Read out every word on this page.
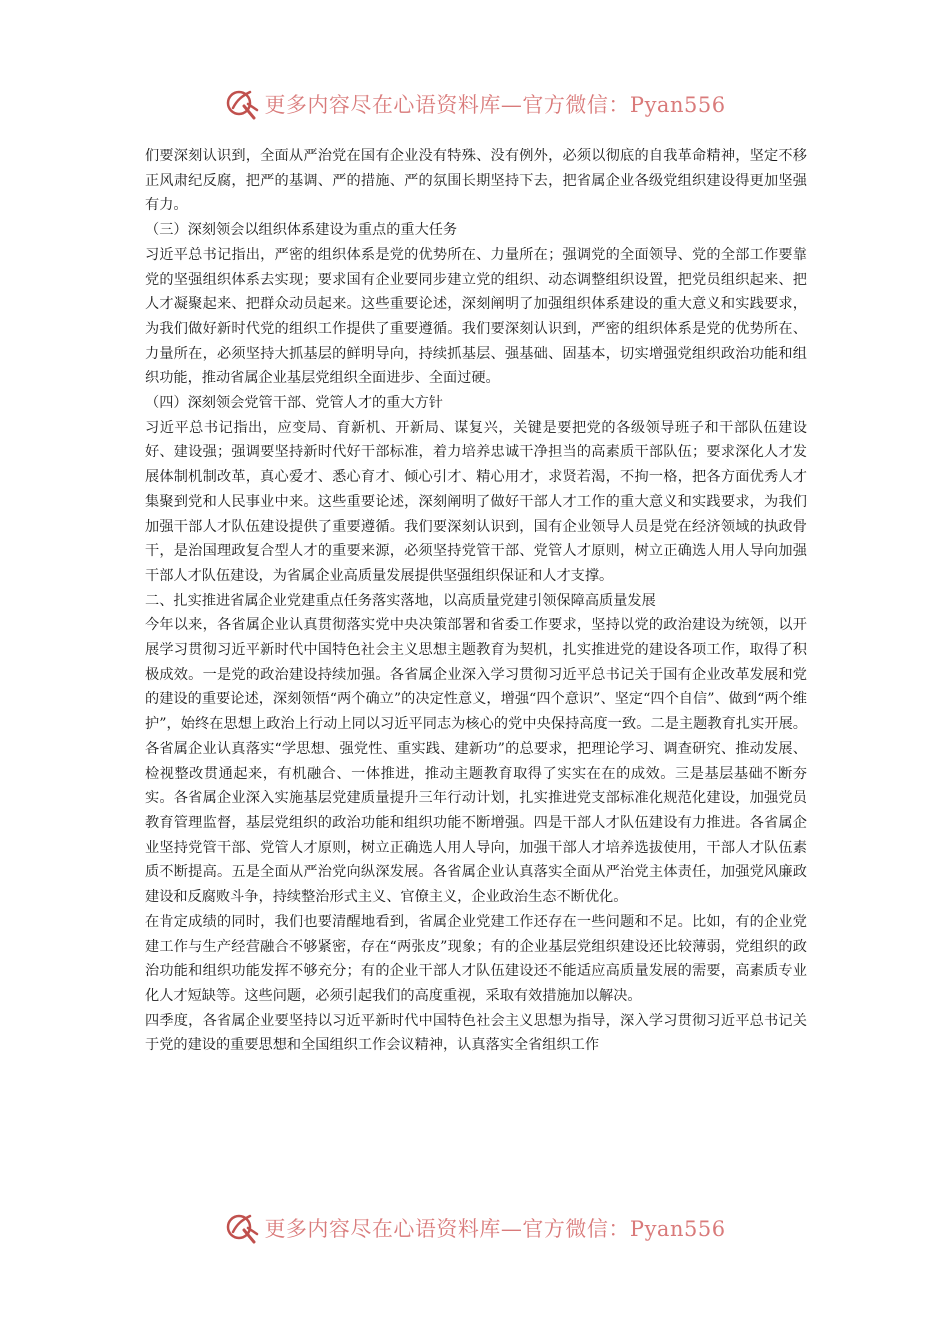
更多内容尽在心语资料库—官方微信：Pyan556

们要深刻认识到，全面从严治党在国有企业没有特殊、没有例外，必须以彻底的自我革命精神，坚定不移正风肃纪反腐，把严的基调、严的措施、严的氛围长期坚持下去，把省属企业各级党组织建设得更加坚强有力。

（三）深刻领会以组织体系建设为重点的重大任务

习近平总书记指出，严密的组织体系是党的优势所在、力量所在；强调党的全面领导、党的全部工作要靠党的坚强组织体系去实现；要求国有企业要同步建立党的组织、动态调整组织设置，把党员组织起来、把人才凝聚起来、把群众动员起来。这些重要论述，深刻阐明了加强组织体系建设的重大意义和实践要求，为我们做好新时代党的组织工作提供了重要遵循。我们要深刻认识到，严密的组织体系是党的优势所在、力量所在，必须坚持大抓基层的鲜明导向，持续抓基层、强基础、固基本，切实增强党组织政治功能和组织功能，推动省属企业基层党组织全面进步、全面过硬。

（四）深刻领会党管干部、党管人才的重大方针

习近平总书记指出，应变局、育新机、开新局、谋复兴，关键是要把党的各级领导班子和干部队伍建设好、建设强；强调要坚持新时代好干部标准，着力培养忠诚干净担当的高素质干部队伍；要求深化人才发展体制机制改革，真心爱才、悉心育才、倾心引才、精心用才，求贤若渴，不拘一格，把各方面优秀人才集聚到党和人民事业中来。这些重要论述，深刻阐明了做好干部人才工作的重大意义和实践要求，为我们加强干部人才队伍建设提供了重要遵循。我们要深刻认识到，国有企业领导人员是党在经济领域的执政骨干，是治国理政复合型人才的重要来源，必须坚持党管干部、党管人才原则，树立正确选人用人导向加强干部人才队伍建设，为省属企业高质量发展提供坚强组织保证和人才支撑。

二、扎实推进省属企业党建重点任务落实落地，以高质量党建引领保障高质量发展

今年以来，各省属企业认真贯彻落实党中央决策部署和省委工作要求，坚持以党的政治建设为统领，以开展学习贯彻习近平新时代中国特色社会主义思想主题教育为契机，扎实推进党的建设各项工作，取得了积极成效。一是党的政治建设持续加强。各省属企业深入学习贯彻习近平总书记关于国有企业改革发展和党的建设的重要论述，深刻领悟“两个确立”的决定性意义，增强“四个意识”、坚定“四个自信”、做到“两个维护”，始终在思想上政治上行动上同以习近平同志为核心的党中央保持高度一致。二是主题教育扎实开展。各省属企业认真落实“学思想、强党性、重实践、建新功”的总要求，把理论学习、调查研究、推动发展、检视整改贯通起来，有机融合、一体推进，推动主题教育取得了实实在在的成效。三是基层基础不断夯实。各省属企业深入实施基层党建质量提升三年行动计划，扎实推进党支部标准化规范化建设，加强党员教育管理监督，基层党组织的政治功能和组织功能不断增强。四是干部人才队伍建设有力推进。各省属企业坚持党管干部、党管人才原则，树立正确选人用人导向，加强干部人才培养选拔使用，干部人才队伍素质不断提高。五是全面从严治党向纵深发展。各省属企业认真落实全面从严治党主体责任，加强党风廉政建设和反腐败斗争，持续整治形式主义、官僚主义，企业政治生态不断优化。

在肯定成绩的同时，我们也要清醒地看到，省属企业党建工作还存在一些问题和不足。比如，有的企业党建工作与生产经营融合不够紧密，存在“两张皮”现象；有的企业基层党组织建设还比较薄弱，党组织的政治功能和组织功能发挥不够充分；有的企业干部人才队伍建设还不能适应高质量发展的需要，高素质专业化人才短缺等。这些问题，必须引起我们的高度重视，采取有效措施加以解决。

四季度，各省属企业要坚持以习近平新时代中国特色社会主义思想为指导，深入学习贯彻习近平总书记关于党的建设的重要思想和全国组织工作会议精神，认真落实全省组织工作

更多内容尽在心语资料库—官方微信：Pyan556
